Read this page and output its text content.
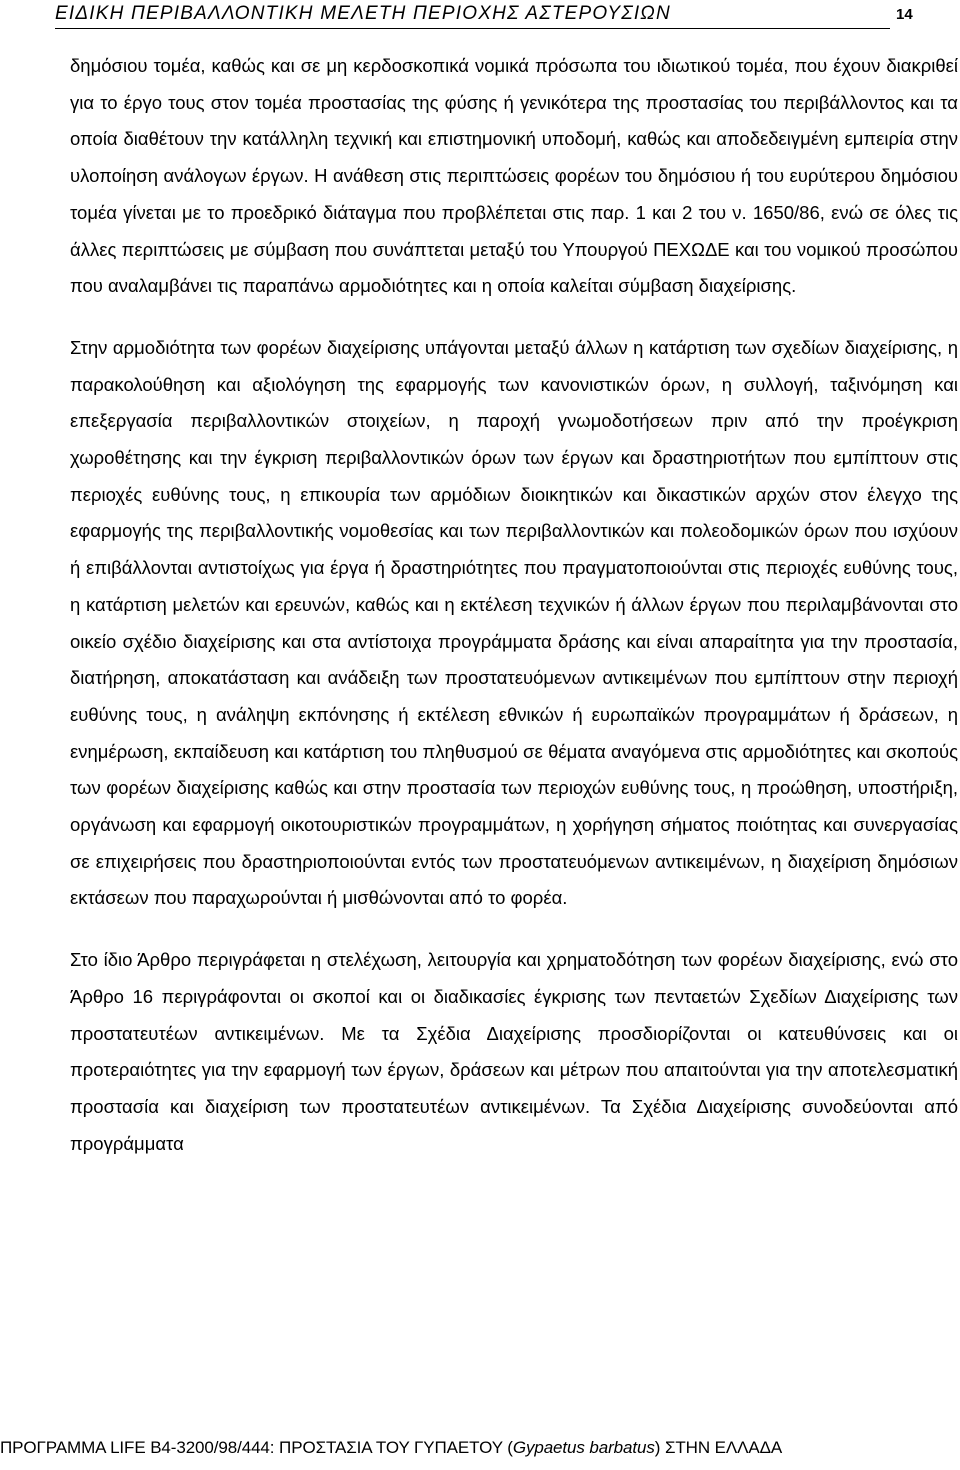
ΕΙΔΙΚΗ ΠΕΡΙΒΑΛΛΟΝΤΙΚΗ ΜΕΛΕΤΗ ΠΕΡΙΟΧΗΣ ΑΣΤΕΡΟΥΣΙΩΝ	14

δημόσιου τομέα, καθώς και σε μη κερδοσκοπικά νομικά πρόσωπα του ιδιωτικού τομέα, που έχουν διακριθεί για το έργο τους στον τομέα προστασίας της φύσης ή γενικότερα της προστασίας του περιβάλλοντος και τα οποία διαθέτουν την κατάλληλη τεχνική και επιστημονική υποδομή, καθώς και αποδεδειγμένη εμπειρία στην υλοποίηση ανάλογων έργων. Η ανάθεση στις περιπτώσεις φορέων του δημόσιου ή του ευρύτερου δημόσιου τομέα γίνεται με το προεδρικό διάταγμα που προβλέπεται στις παρ. 1 και 2 του ν. 1650/86, ενώ σε όλες τις άλλες περιπτώσεις με σύμβαση που συνάπτεται μεταξύ του Υπουργού ΠΕΧΩΔΕ και του νομικού προσώπου που αναλαμβάνει τις παραπάνω αρμοδιότητες και η οποία καλείται σύμβαση διαχείρισης.

Στην αρμοδιότητα των φορέων διαχείρισης υπάγονται μεταξύ άλλων η κατάρτιση των σχεδίων διαχείρισης, η παρακολούθηση και αξιολόγηση της εφαρμογής των κανονιστικών όρων, η συλλογή, ταξινόμηση και επεξεργασία περιβαλλοντικών στοιχείων, η παροχή γνωμοδοτήσεων πριν από την προέγκριση χωροθέτησης και την έγκριση περιβαλλοντικών όρων των έργων και δραστηριοτήτων που εμπίπτουν στις περιοχές ευθύνης τους, η επικουρία των αρμόδιων διοικητικών και δικαστικών αρχών στον έλεγχο της εφαρμογής της περιβαλλοντικής νομοθεσίας και των περιβαλλοντικών και πολεοδομικών όρων που ισχύουν ή επιβάλλονται αντιστοίχως για έργα ή δραστηριότητες που πραγματοποιούνται στις περιοχές ευθύνης τους, η κατάρτιση μελετών και ερευνών, καθώς και η εκτέλεση τεχνικών ή άλλων έργων που περιλαμβάνονται στο οικείο σχέδιο διαχείρισης και στα αντίστοιχα προγράμματα δράσης και είναι απαραίτητα για την προστασία, διατήρηση, αποκατάσταση και ανάδειξη των προστατευόμενων αντικειμένων που εμπίπτουν στην περιοχή ευθύνης τους, η ανάληψη εκπόνησης ή εκτέλεση εθνικών ή ευρωπαϊκών προγραμμάτων ή δράσεων, η ενημέρωση, εκπαίδευση και κατάρτιση του πληθυσμού σε θέματα αναγόμενα στις αρμοδιότητες και σκοπούς των φορέων διαχείρισης καθώς και στην προστασία των περιοχών ευθύνης τους, η προώθηση, υποστήριξη, οργάνωση και εφαρμογή οικοτουριστικών προγραμμάτων, η χορήγηση σήματος ποιότητας και συνεργασίας σε επιχειρήσεις που δραστηριοποιούνται εντός των προστατευόμενων αντικειμένων, η διαχείριση δημόσιων εκτάσεων που παραχωρούνται ή μισθώνονται από το φορέα.

Στο ίδιο Άρθρο περιγράφεται η στελέχωση, λειτουργία και χρηματοδότηση των φορέων διαχείρισης, ενώ στο Άρθρο 16 περιγράφονται οι σκοποί και οι διαδικασίες έγκρισης των πενταετών Σχεδίων Διαχείρισης των προστατευτέων αντικειμένων. Με τα Σχέδια Διαχείρισης προσδιορίζονται οι κατευθύνσεις και οι προτεραιότητες για την εφαρμογή των έργων, δράσεων και μέτρων που απαιτούνται για την αποτελεσματική προστασία και διαχείριση των προστατευτέων αντικειμένων. Τα Σχέδια Διαχείρισης συνοδεύονται από προγράμματα

ΠΡΟΓΡΑΜΜΑ LIFE B4-3200/98/444: ΠΡΟΣΤΑΣΙΑ ΤΟΥ ΓΥΠΑΕΤΟΥ (Gypaetus barbatus) ΣΤΗΝ ΕΛΛΑΔΑ
